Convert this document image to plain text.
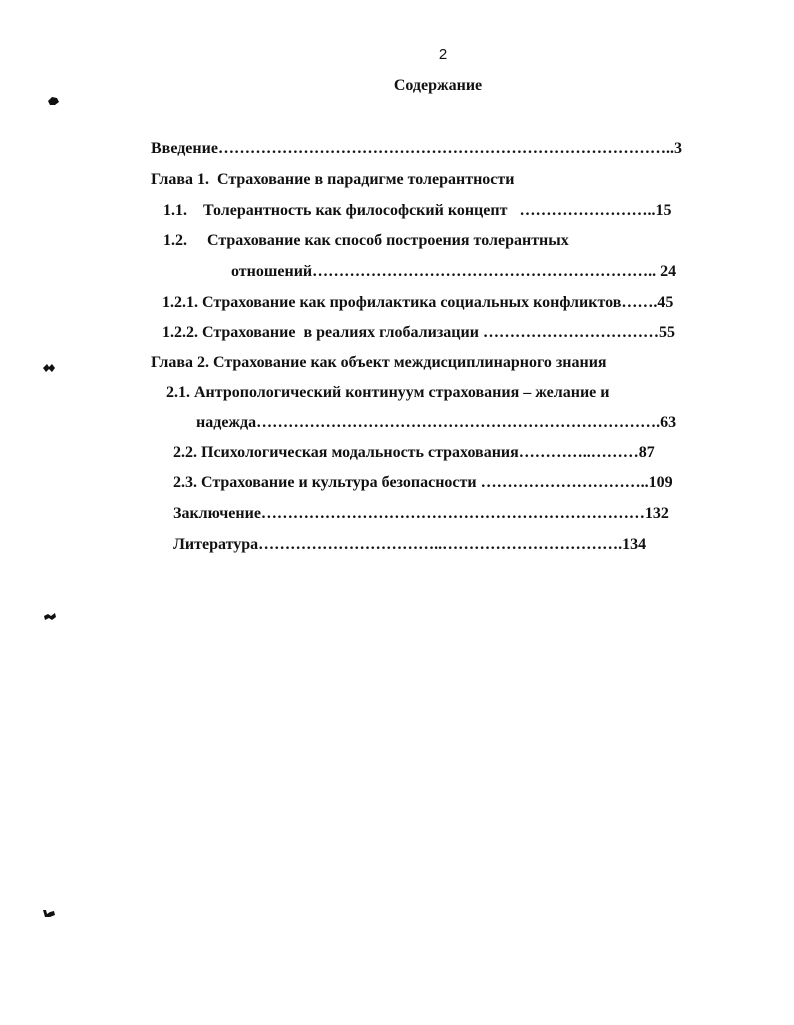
2
Содержание
Введение…………………………………………………………………………..3
Глава 1.  Страхование в парадигме толерантности
1.1.    Толерантность как философский концепт   ……………………..15
1.2.     Страхование как способ построения толерантных
отношений……………………………………………………….. 24
1.2.1. Страхование как профилактика социальных конфликтов…….45
1.2.2. Страхование  в реалиях глобализации ……………………………55
Глава 2. Страхование как объект междисциплинарного знания
2.1. Антропологический континуум страхования – желание и
надежда………………………………………………………………….63
2.2. Психологическая модальность страхования…………..………87
2.3. Страхование и культура безопасности …………………………..109
Заключение………………………………………………………………132
Литература……………………………..…………………………….134
